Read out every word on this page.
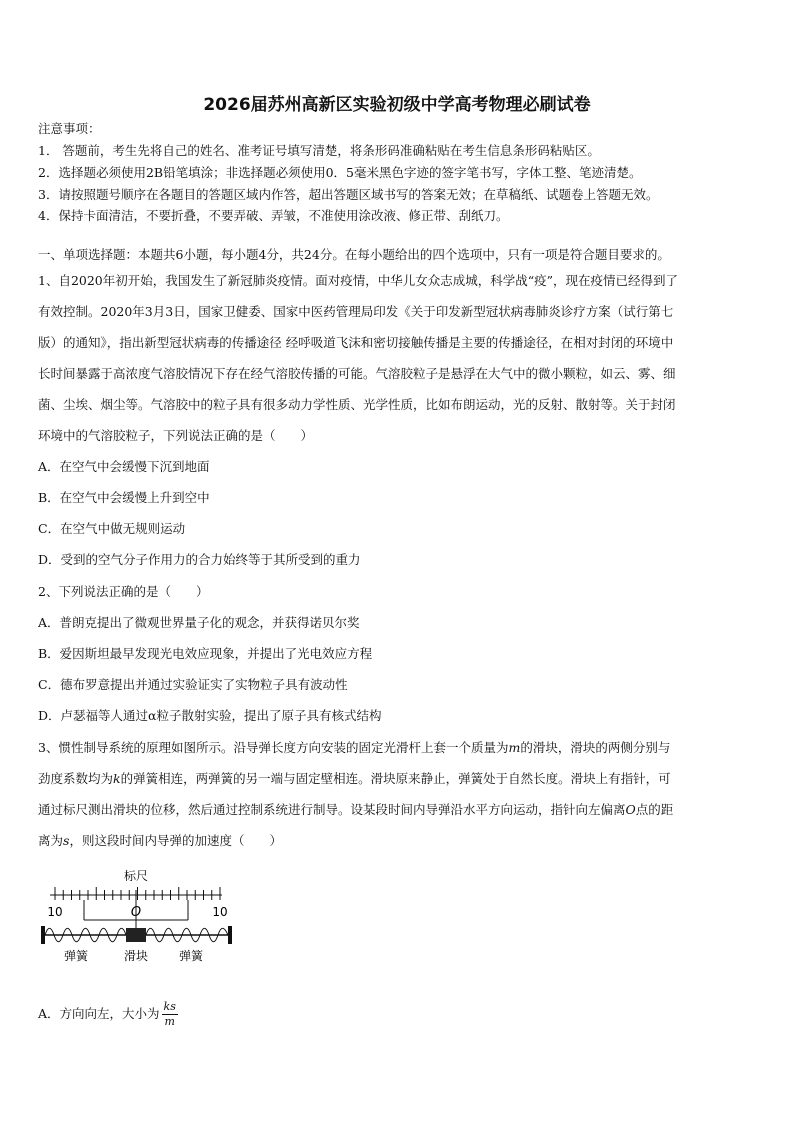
2026届苏州高新区实验初级中学高考物理必刷试卷
注意事项：
1． 答题前，考生先将自己的姓名、准考证号填写清楚，将条形码准确粘贴在考生信息条形码粘贴区。
2．选择题必须使用2B铅笔填涂；非选择题必须使用0．5毫米黑色字迹的签字笔书写，字体工整、笔迹清楚。
3．请按照题号顺序在各题目的答题区域内作答，超出答题区域书写的答案无效；在草稿纸、试题卷上答题无效。
4．保持卡面清洁，不要折叠，不要弄破、弄皱，不准使用涂改液、修正带、刮纸刀。
一、单项选择题：本题共6小题，每小题4分，共24分。在每小题给出的四个选项中，只有一项是符合题目要求的。
1、自2020年初开始，我国发生了新冠肺炎疫情。面对疫情，中华儿女众志成城，科学战“疫”，现在疫情已经得到了
有效控制。2020年3月3日，国家卫健委、国家中医药管理局印发《关于印发新型冠状病毒肺炎诊疗方案（试行第七
版）的通知》，指出新型冠状病毒的传播途径 经呼吸道飞沫和密切接触传播是主要的传播途径，在相对封闭的环境中
长时间暴露于高浓度气溶胶情况下存在经气溶胶传播的可能。气溶胶粒子是悬浮在大气中的微小颗粒，如云、雾、细
菌、尘埃、烟尘等。气溶胶中的粒子具有很多动力学性质、光学性质，比如布朗运动，光的反射、散射等。关于封闭
环境中的气溶胶粒子，下列说法正确的是（　　）
A．在空气中会缓慢下沉到地面
B．在空气中会缓慢上升到空中
C．在空气中做无规则运动
D．受到的空气分子作用力的合力始终等于其所受到的重力
2、下列说法正确的是（　　）
A．普朗克提出了微观世界量子化的观念，并获得诺贝尔奖
B．爱因斯坦最早发现光电效应现象，并提出了光电效应方程
C．德布罗意提出并通过实验证实了实物粒子具有波动性
D．卢瑟福等人通过α粒子散射实验，提出了原子具有核式结构
3、惯性制导系统的原理如图所示。沿导弹长度方向安装的固定光滑杆上套一个质量为m的滑块，滑块的两侧分别与
劲度系数均为k的弹簧相连，两弹簧的另一端与固定壁相连。滑块原来静止，弹簧处于自然长度。滑块上有指针，可
通过标尺测出滑块的位移，然后通过控制系统进行制导。设某段时间内导弹沿水平方向运动，指针向左偏离O点的距
离为s，则这段时间内导弹的加速度（　　）
标尺
10	O	10
弹簧	滑块	弹簧
A．方向向左，大小为 $\frac{ks}{m}$
